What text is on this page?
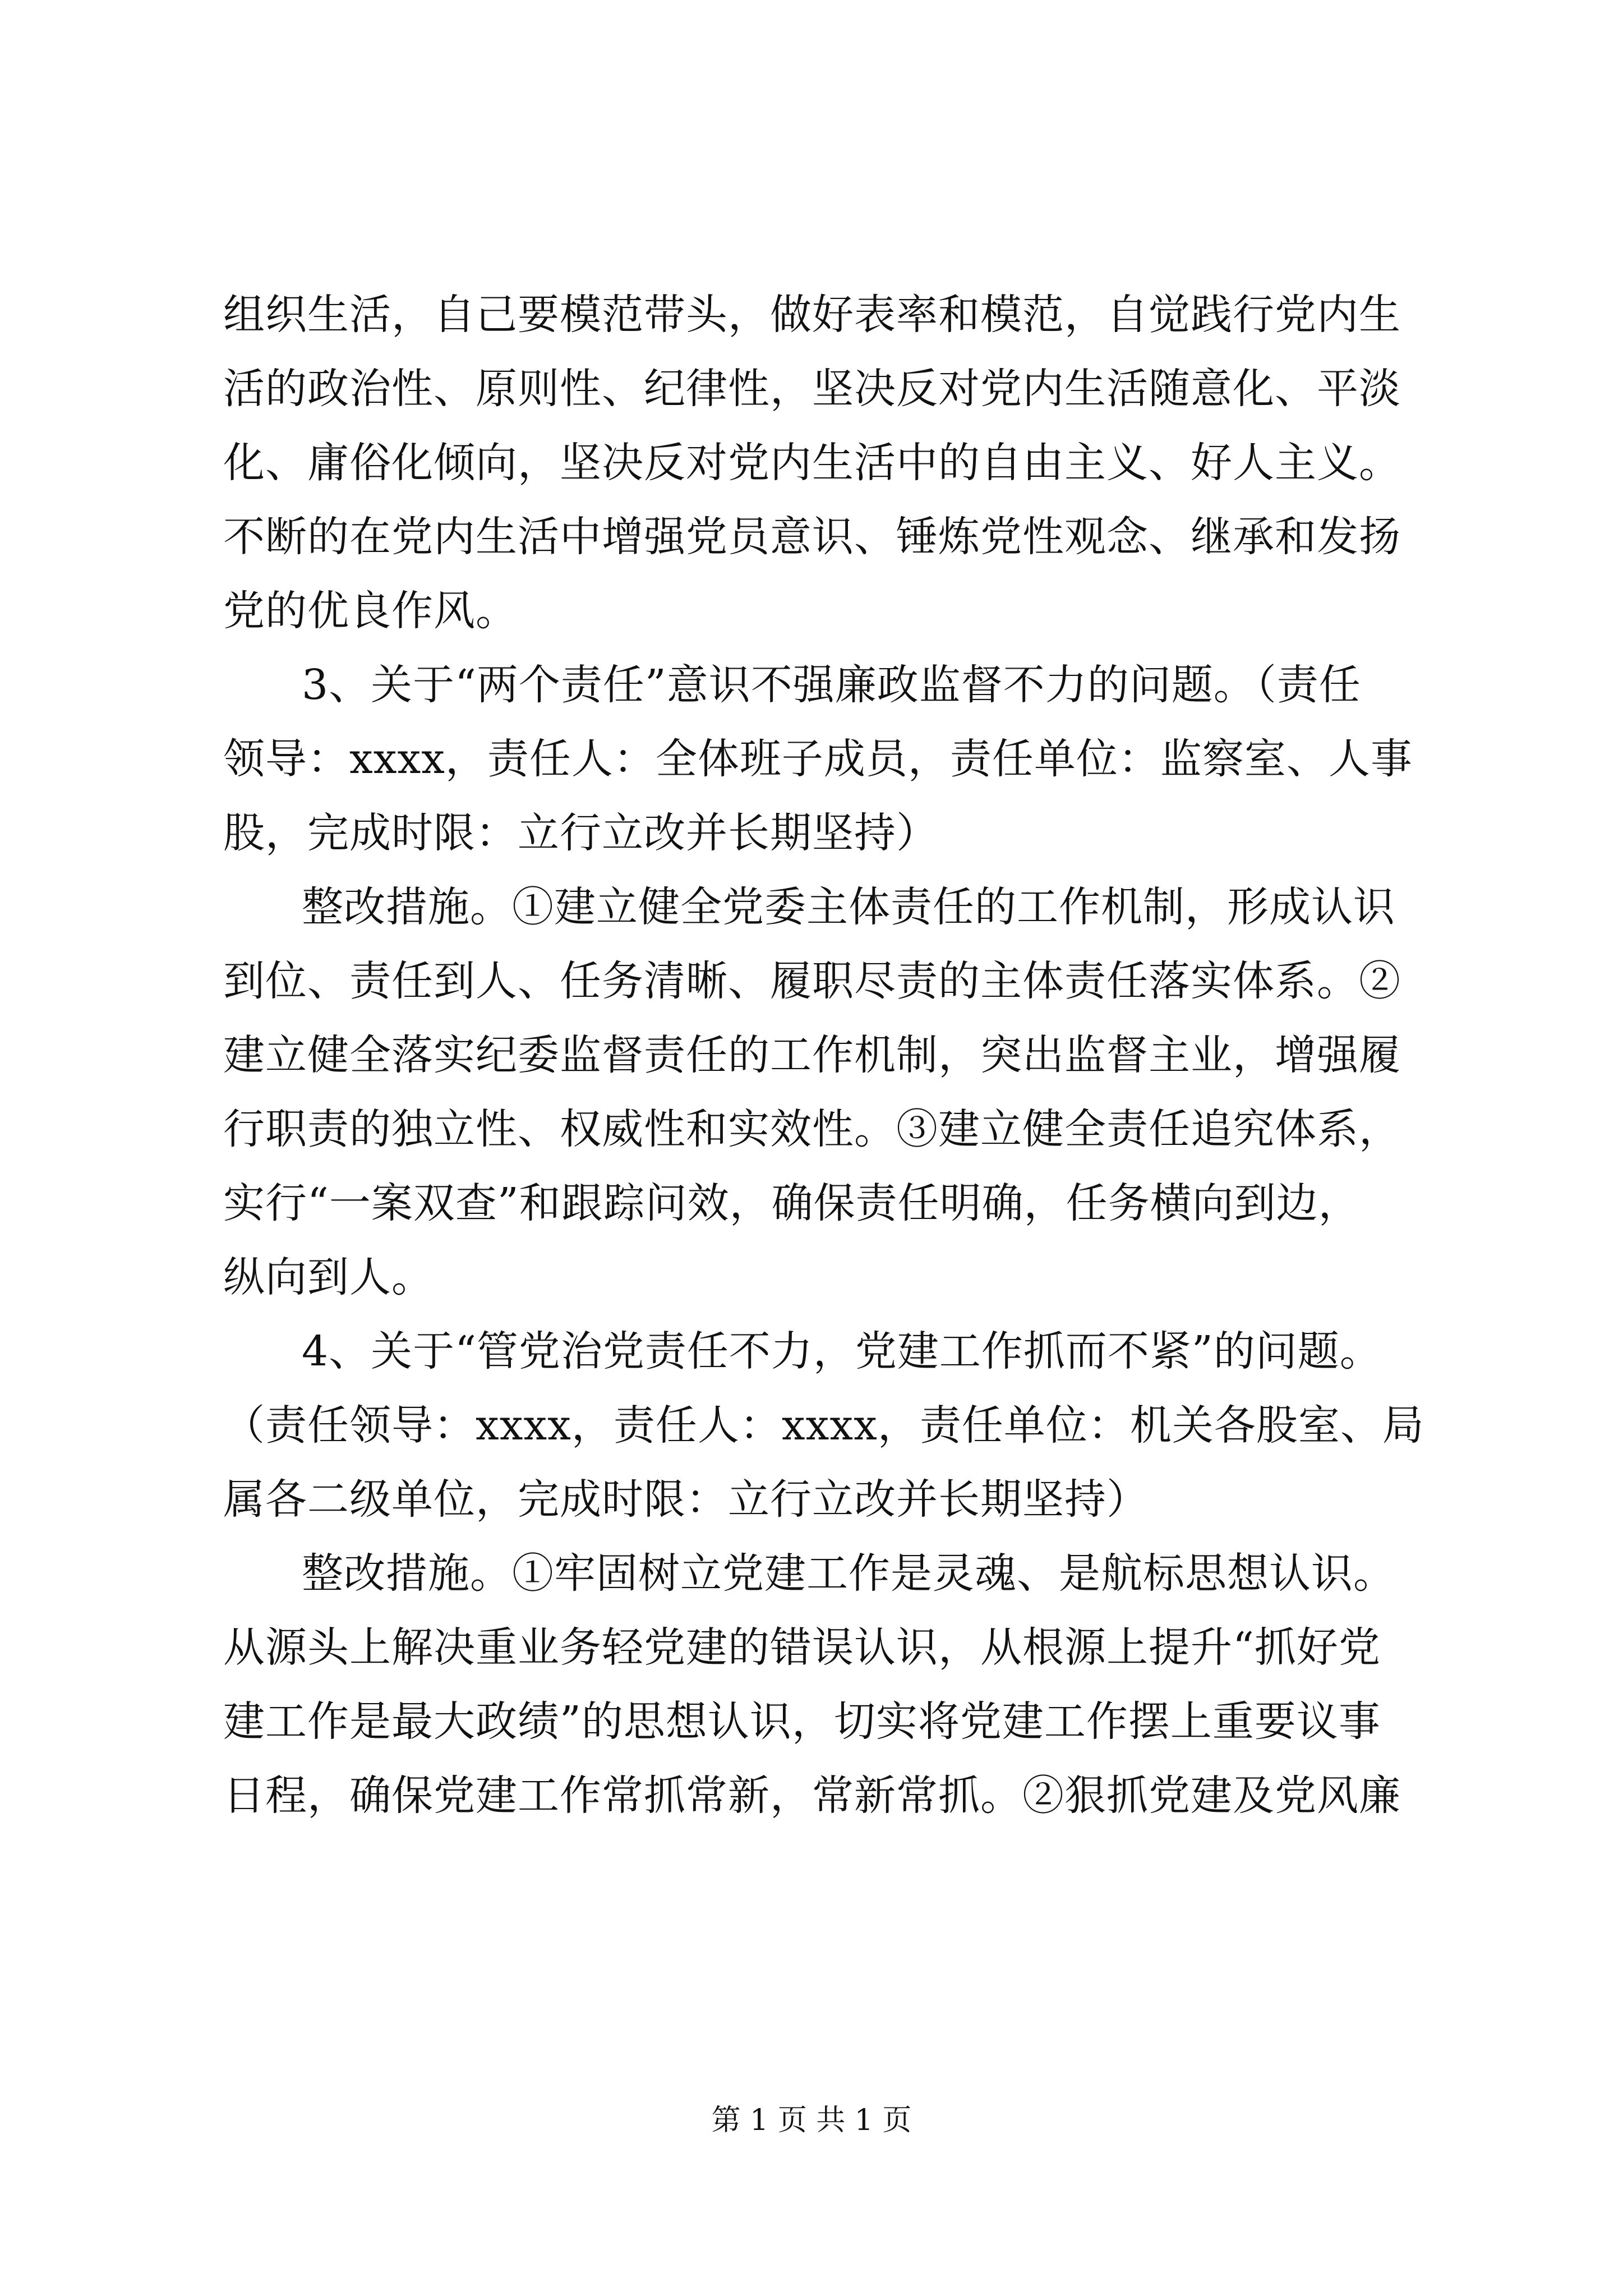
组织生活，自己要模范带头，做好表率和模范，自觉践行党内生
活的政治性、原则性、纪律性，坚决反对党内生活随意化、平淡
化、庸俗化倾向，坚决反对党内生活中的自由主义、好人主义。
不断的在党内生活中增强党员意识、锤炼党性观念、继承和发扬
党的优良作风。
3、关于“两个责任”意识不强廉政监督不力的问题。（责任
领导：xxxx，责任人：全体班子成员，责任单位：监察室、人事
股，完成时限：立行立改并长期坚持）
整改措施。①建立健全党委主体责任的工作机制，形成认识
到位、责任到人、任务清晰、履职尽责的主体责任落实体系。②
建立健全落实纪委监督责任的工作机制，突出监督主业，增强履
行职责的独立性、权威性和实效性。③建立健全责任追究体系，
实行“一案双查”和跟踪问效，确保责任明确，任务横向到边，
纵向到人。
4、关于“管党治党责任不力，党建工作抓而不紧”的问题。
（责任领导：xxxx，责任人：xxxx，责任单位：机关各股室、局
属各二级单位，完成时限：立行立改并长期坚持）
整改措施。①牢固树立党建工作是灵魂、是航标思想认识。
从源头上解决重业务轻党建的错误认识，从根源上提升“抓好党
建工作是最大政绩”的思想认识，切实将党建工作摆上重要议事
日程，确保党建工作常抓常新，常新常抓。②狠抓党建及党风廉
第 1 页 共 1 页
